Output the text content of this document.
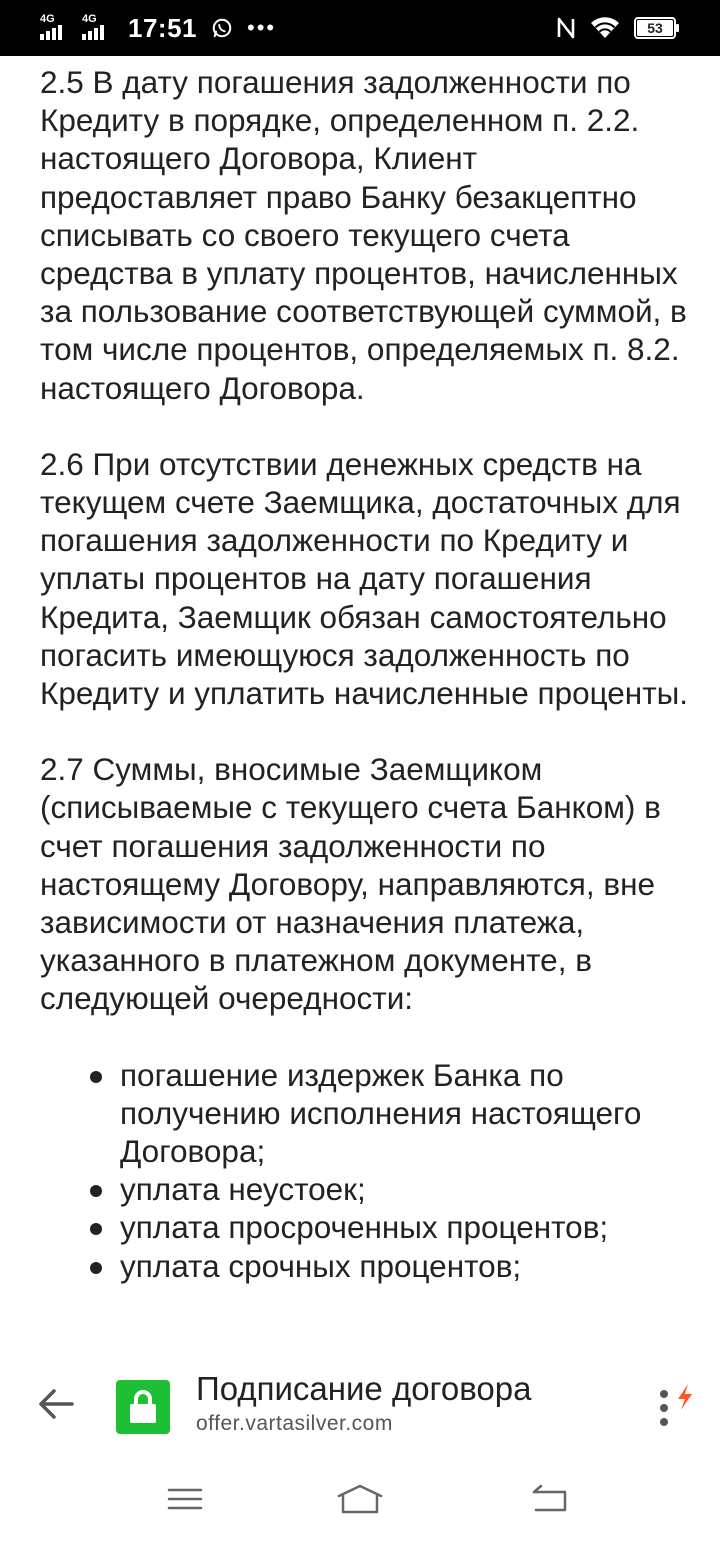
4G 4G 17:51 •••	53

2.5 В дату погашения задолженности по Кредиту в порядке, определенном п. 2.2. настоящего Договора, Клиент предоставляет право Банку безакцептно списывать со своего текущего счета средства в уплату процентов, начисленных за пользование соответствующей суммой, в том числе процентов, определяемых п. 8.2. настоящего Договора.

2.6 При отсутствии денежных средств на текущем счете Заемщика, достаточных для погашения задолженности по Кредиту и уплаты процентов на дату погашения Кредита, Заемщик обязан самостоятельно погасить имеющуюся задолженность по Кредиту и уплатить начисленные проценты.

2.7 Суммы, вносимые Заемщиком (списываемые с текущего счета Банком) в счет погашения задолженности по настоящему Договору, направляются, вне зависимости от назначения платежа, указанного в платежном документе, в следующей очередности:

погашение издержек Банка по получению исполнения настоящего Договора;
уплата неустоек;
уплата просроченных процентов;
уплата срочных процентов;
Подписание договора
offer.vartasilver.com
